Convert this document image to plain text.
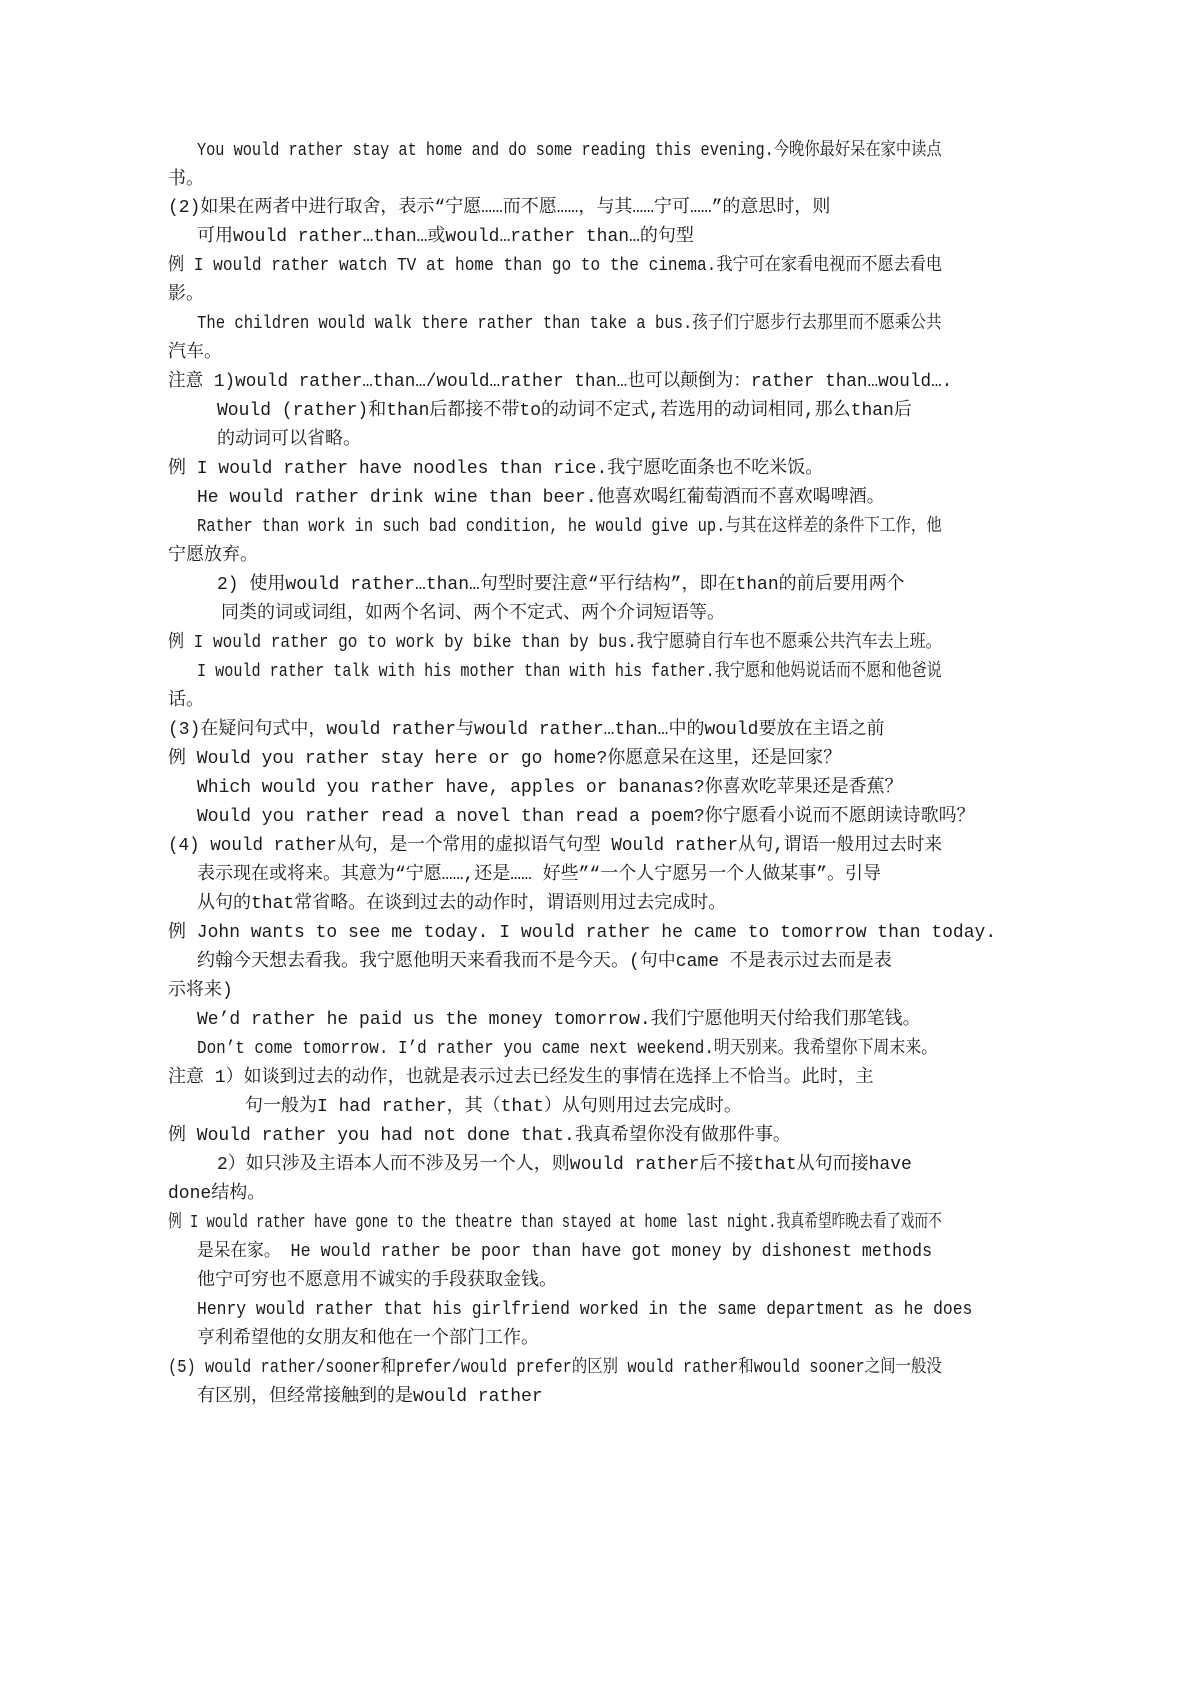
You would rather stay at home and do some reading this evening.今晚你最好呆在家中读点
书。
(2)如果在两者中进行取舍，表示“宁愿……而不愿……，与其……宁可……”的意思时，则
可用would rather…than…或would…rather than…的句型
例 I would rather watch TV at home than go to the cinema.我宁可在家看电视而不愿去看电
影。
The children would walk there rather than take a bus.孩子们宁愿步行去那里而不愿乘公共
汽车。
注意 1)would rather…than…/would…rather than…也可以颠倒为：rather than…would….
Would (rather)和than后都接不带to的动词不定式,若选用的动词相同,那么than后
的动词可以省略。
例 I would rather have noodles than rice.我宁愿吃面条也不吃米饭。
He would rather drink wine than beer.他喜欢喝红葡萄酒而不喜欢喝啤酒。
Rather than work in such bad condition, he would give up.与其在这样差的条件下工作，他
宁愿放弃。
2) 使用would rather…than…句型时要注意“平行结构”，即在than的前后要用两个
同类的词或词组，如两个名词、两个不定式、两个介词短语等。
例 I would rather go to work by bike than by bus.我宁愿骑自行车也不愿乘公共汽车去上班。
I would rather talk with his mother than with his father.我宁愿和他妈说话而不愿和他爸说
话。
(3)在疑问句式中，would rather与would rather…than…中的would要放在主语之前
例 Would you rather stay here or go home?你愿意呆在这里，还是回家？
Which would you rather have, apples or bananas?你喜欢吃苹果还是香蕉？
Would you rather read a novel than read a poem?你宁愿看小说而不愿朗读诗歌吗？
(4) would rather从句，是一个常用的虚拟语气句型 Would rather从句,谓语一般用过去时来
表示现在或将来。其意为“宁愿……,还是…… 好些”“一个人宁愿另一个人做某事”。引导
从句的that常省略。在谈到过去的动作时，谓语则用过去完成时。
例 John wants to see me today. I would rather he came to tomorrow than today.
约翰今天想去看我。我宁愿他明天来看我而不是今天。(句中came 不是表示过去而是表
示将来)
We’d rather he paid us the money tomorrow.我们宁愿他明天付给我们那笔钱。
Don’t come tomorrow. I’d rather you came next weekend.明天别来。我希望你下周末来。
注意 1）如谈到过去的动作，也就是表示过去已经发生的事情在选择上不恰当。此时，主
句一般为I had rather，其（that）从句则用过去完成时。
例 Would rather you had not done that.我真希望你没有做那件事。
2）如只涉及主语本人而不涉及另一个人，则would rather后不接that从句而接have
done结构。
例 I would rather have gone to the theatre than stayed at home last night.我真希望昨晚去看了戏而不
是呆在家。 He would rather be poor than have got money by dishonest methods
他宁可穷也不愿意用不诚实的手段获取金钱。
Henry would rather that his girlfriend worked in the same department as he does
亨利希望他的女朋友和他在一个部门工作。
(5) would rather/sooner和prefer/would prefer的区别 would rather和would sooner之间一般没
有区别，但经常接触到的是would rather
